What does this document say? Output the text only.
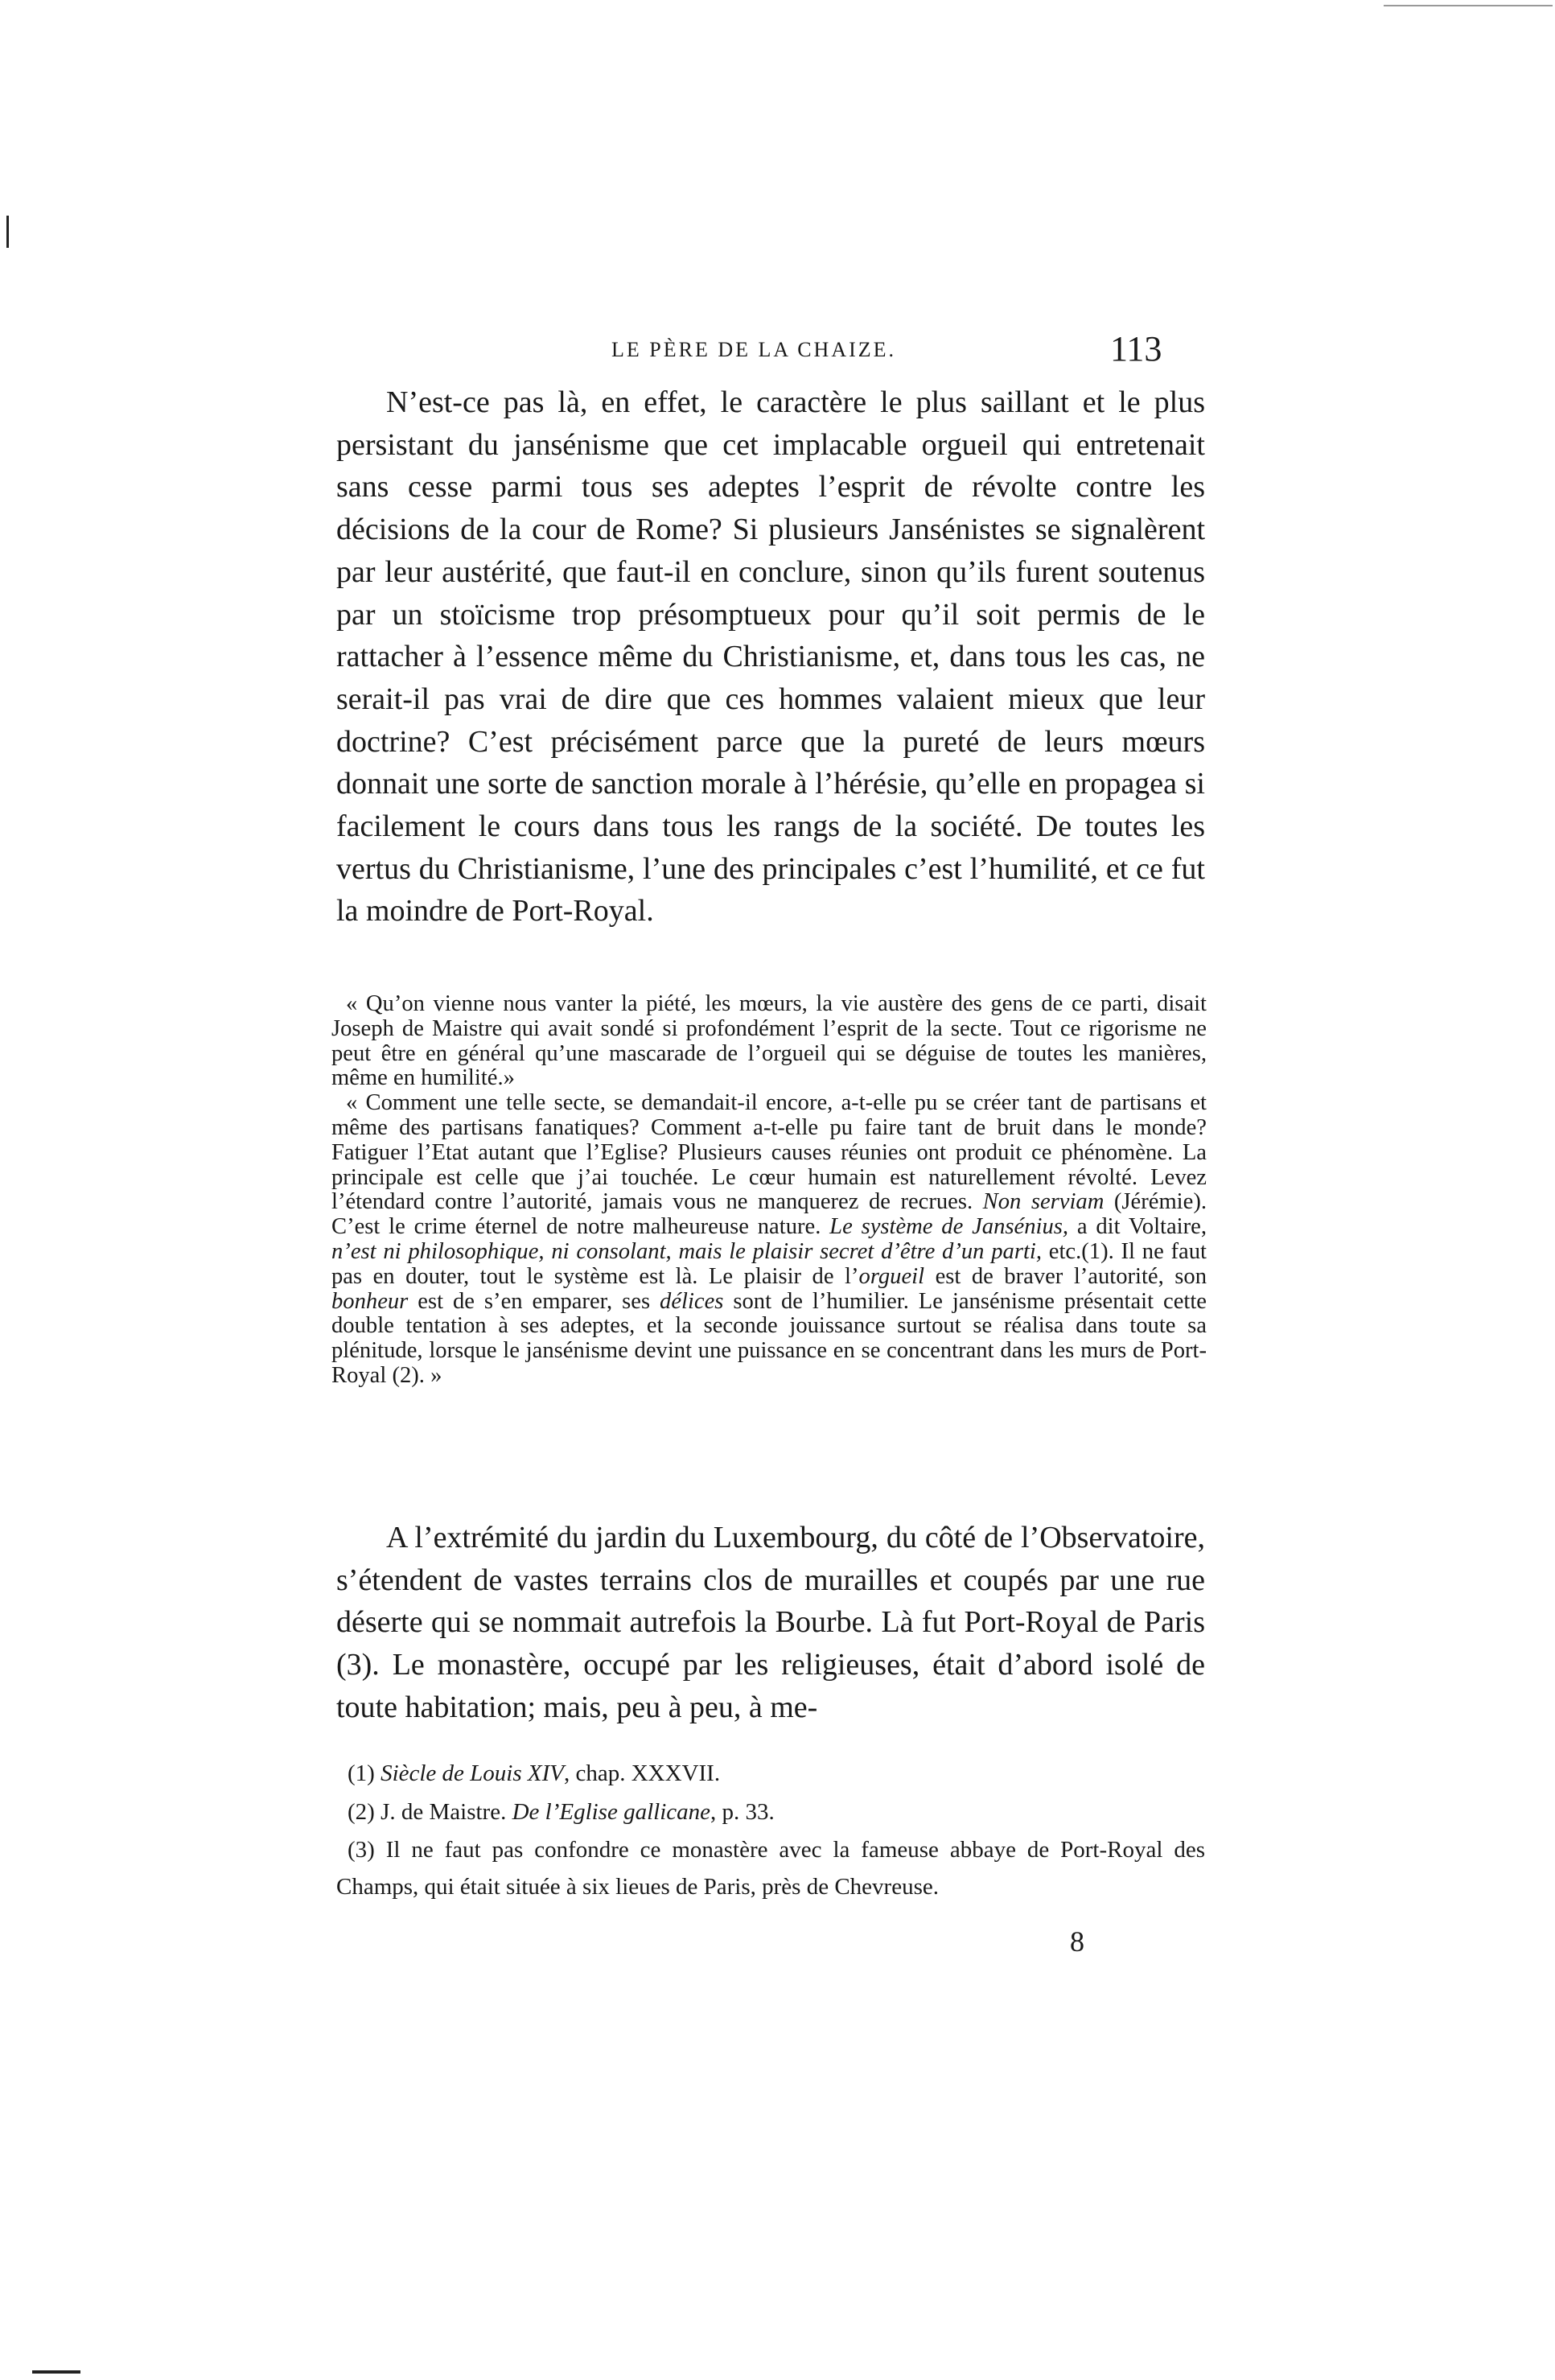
LE PÈRE DE LA CHAIZE.	113
N’est-ce pas là, en effet, le caractère le plus saillant et le plus persistant du jansénisme que cet implacable orgueil qui entretenait sans cesse parmi tous ses adeptes l’esprit de révolte contre les décisions de la cour de Rome? Si plusieurs Jansénistes se signalèrent par leur austérité, que faut-il en conclure, sinon qu’ils furent soutenus par un stoïcisme trop présomptueux pour qu’il soit permis de le rattacher à l’essence même du Christianisme, et, dans tous les cas, ne serait-il pas vrai de dire que ces hommes valaient mieux que leur doctrine? C’est précisément parce que la pureté de leurs mœurs donnait une sorte de sanction morale à l’hérésie, qu’elle en propagea si facilement le cours dans tous les rangs de la société. De toutes les vertus du Christianisme, l’une des principales c’est l’humilité, et ce fut la moindre de Port-Royal.

« Qu’on vienne nous vanter la piété, les mœurs, la vie austère des gens de ce parti, disait Joseph de Maistre qui avait sondé si profondément l’esprit de la secte. Tout ce rigorisme ne peut être en général qu’une mascarade de l’orgueil qui se déguise de toutes les manières, même en humilité.»

« Comment une telle secte, se demandait-il encore, a-t-elle pu se créer tant de partisans et même des partisans fanatiques? Comment a-t-elle pu faire tant de bruit dans le monde? Fatiguer l’Etat autant que l’Eglise? Plusieurs causes réunies ont produit ce phénomène. La principale est celle que j’ai touchée. Le cœur humain est naturellement révolté. Levez l’étendard contre l’autorité, jamais vous ne manquerez de recrues. Non serviam (Jérémie). C’est le crime éternel de notre malheureuse nature. Le système de Jansénius, a dit Voltaire, n’est ni philosophique, ni consolant, mais le plaisir secret d’être d’un parti, etc.(1). Il ne faut pas en douter, tout le système est là. Le plaisir de l’orgueil est de braver l’autorité, son bonheur est de s’en emparer, ses délices sont de l’humilier. Le jansénisme présentait cette double tentation à ses adeptes, et la seconde jouissance surtout se réalisa dans toute sa plénitude, lorsque le jansénisme devint une puissance en se concentrant dans les murs de Port-Royal (2). »

A l’extrémité du jardin du Luxembourg, du côté de l’Observatoire, s’étendent de vastes terrains clos de murailles et coupés par une rue déserte qui se nommait autrefois la Bourbe. Là fut Port-Royal de Paris (3). Le monastère, occupé par les religieuses, était d’abord isolé de toute habitation; mais, peu à peu, à me-

(1) Siècle de Louis XIV, chap. XXXVII.

(2) J. de Maistre. De l’Eglise gallicane, p. 33.

(3) Il ne faut pas confondre ce monastère avec la fameuse abbaye de Port-Royal des Champs, qui était située à six lieues de Paris, près de Chevreuse.

8
